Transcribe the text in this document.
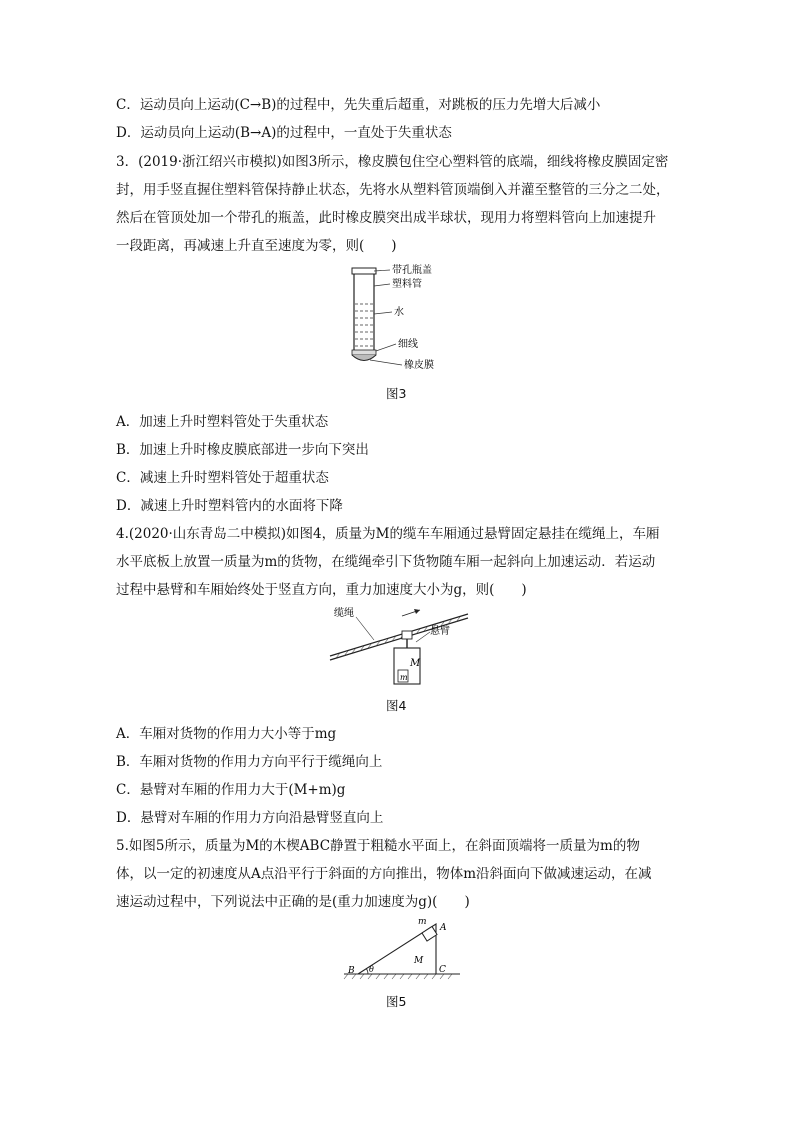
C．运动员向上运动(C→B)的过程中，先失重后超重，对跳板的压力先增大后减小
D．运动员向上运动(B→A)的过程中，一直处于失重状态
3．(2019·浙江绍兴市模拟)如图3所示，橡皮膜包住空心塑料管的底端，细线将橡皮膜固定密
封，用手竖直握住塑料管保持静止状态，先将水从塑料管顶端倒入并灌至整管的三分之二处，
然后在管顶处加一个带孔的瓶盖，此时橡皮膜突出成半球状，现用力将塑料管向上加速提升
一段距离，再减速上升直至速度为零，则(　　)
带孔瓶盖
塑料管
水
细线
橡皮膜
图3
A．加速上升时塑料管处于失重状态
B．加速上升时橡皮膜底部进一步向下突出
C．减速上升时塑料管处于超重状态
D．减速上升时塑料管内的水面将下降
4.(2020·山东青岛二中模拟)如图4，质量为M的缆车车厢通过悬臂固定悬挂在缆绳上，车厢
水平底板上放置一质量为m的货物，在缆绳牵引下货物随车厢一起斜向上加速运动．若运动
过程中悬臂和车厢始终处于竖直方向，重力加速度大小为g，则(　　)
缆绳
悬臂
M
m
图4
A．车厢对货物的作用力大小等于mg
B．车厢对货物的作用力方向平行于缆绳向上
C．悬臂对车厢的作用力大于(M+m)g
D．悬臂对车厢的作用力方向沿悬臂竖直向上
5.如图5所示，质量为M的木楔ABC静置于粗糙水平面上，在斜面顶端将一质量为m的物
体，以一定的初速度从A点沿平行于斜面的方向推出，物体m沿斜面向下做减速运动，在减
速运动过程中，下列说法中正确的是(重力加速度为g)(　　)
m
A
M
B θ	C
图5
